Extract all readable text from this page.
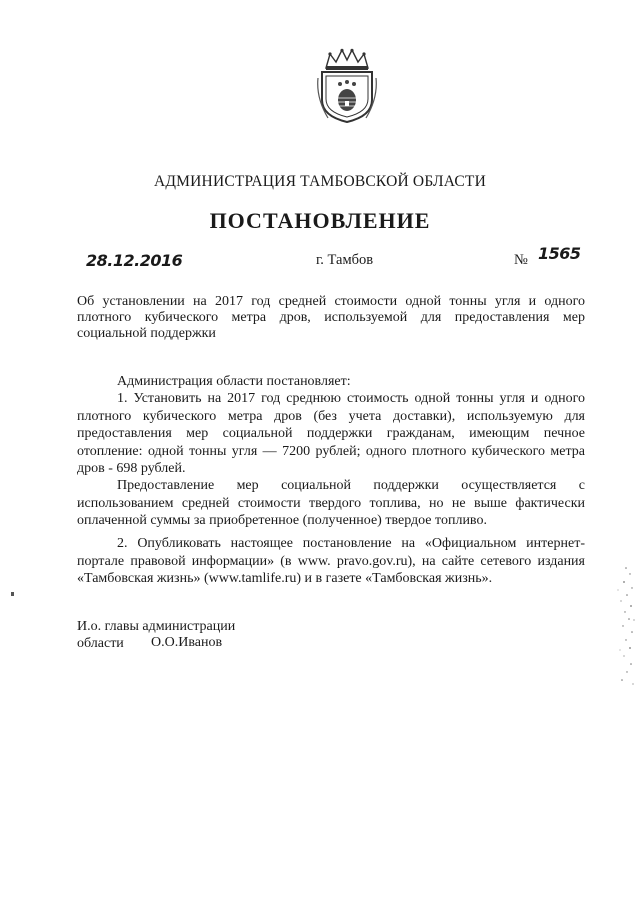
АДМИНИСТРАЦИЯ ТАМБОВСКОЙ ОБЛАСТИ
ПОСТАНОВЛЕНИЕ
28.12.2016	г. Тамбов	№ 1565
Об установлении на 2017 год средней стоимости одной тонны угля и одного плотного кубического метра дров, используемой для предоставления мер социальной поддержки
Администрация области постановляет:
1. Установить на 2017 год среднюю стоимость одной тонны угля и одного плотного кубического метра дров (без учета доставки), используемую для предоставления мер социальной поддержки гражданам, имеющим печное отопление: одной тонны угля — 7200 рублей; одного плотного кубического метра дров - 698 рублей.
Предоставление мер социальной поддержки осуществляется с использованием средней стоимости твердого топлива, но не выше фактически оплаченной суммы за приобретенное (полученное) твердое топливо.
2. Опубликовать настоящее постановление на «Официальном интернет-портале правовой информации» (в www. pravo.gov.ru), на сайте сетевого издания «Тамбовская жизнь» (www.tamlife.ru) и в газете «Тамбовская жизнь».
И.о. главы администрации
области О.О.Иванов
